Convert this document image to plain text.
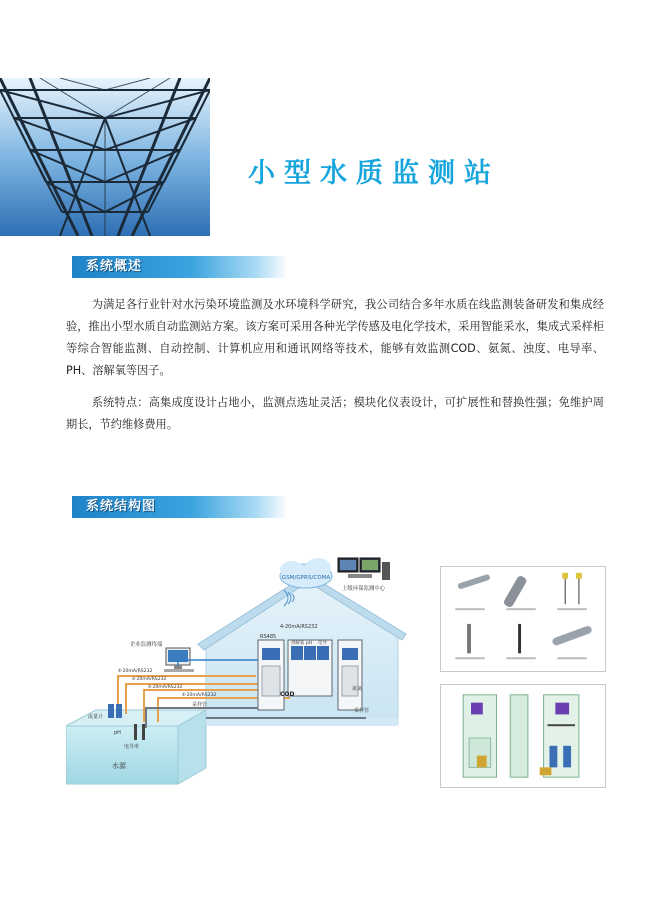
小型水质监测站
系统概述

为满足各行业针对水污染环境监测及水环境科学研究，我公司结合多年水质在线监测装备研发和集成经验，推出小型水质自动监测站方案。该方案可采用各种光学传感及电化学技术，采用智能采水，集成式采样柜等综合智能监测、自动控制、计算机应用和通讯网络等技术，能够有效监测COD、氨氮、浊度、电导率、PH、溶解氧等因子。

系统特点：高集成度设计占地小，监测点选址灵活；模块化仪表设计，可扩展性和替换性强；免维护周期长，节约维修费用。

系统结构图
GSM/GPRS/CDMA
上级环保监测中心
企业监测终端
4-20mA/RS232
4-20mA/RS232
4-20mA/RS232
4-20mA/RS232
RS485
4-20mA/RS232
溶解氧 pH 电导
COD
氨氮
采样管
采样管
流量计
pH
电导率
水源
